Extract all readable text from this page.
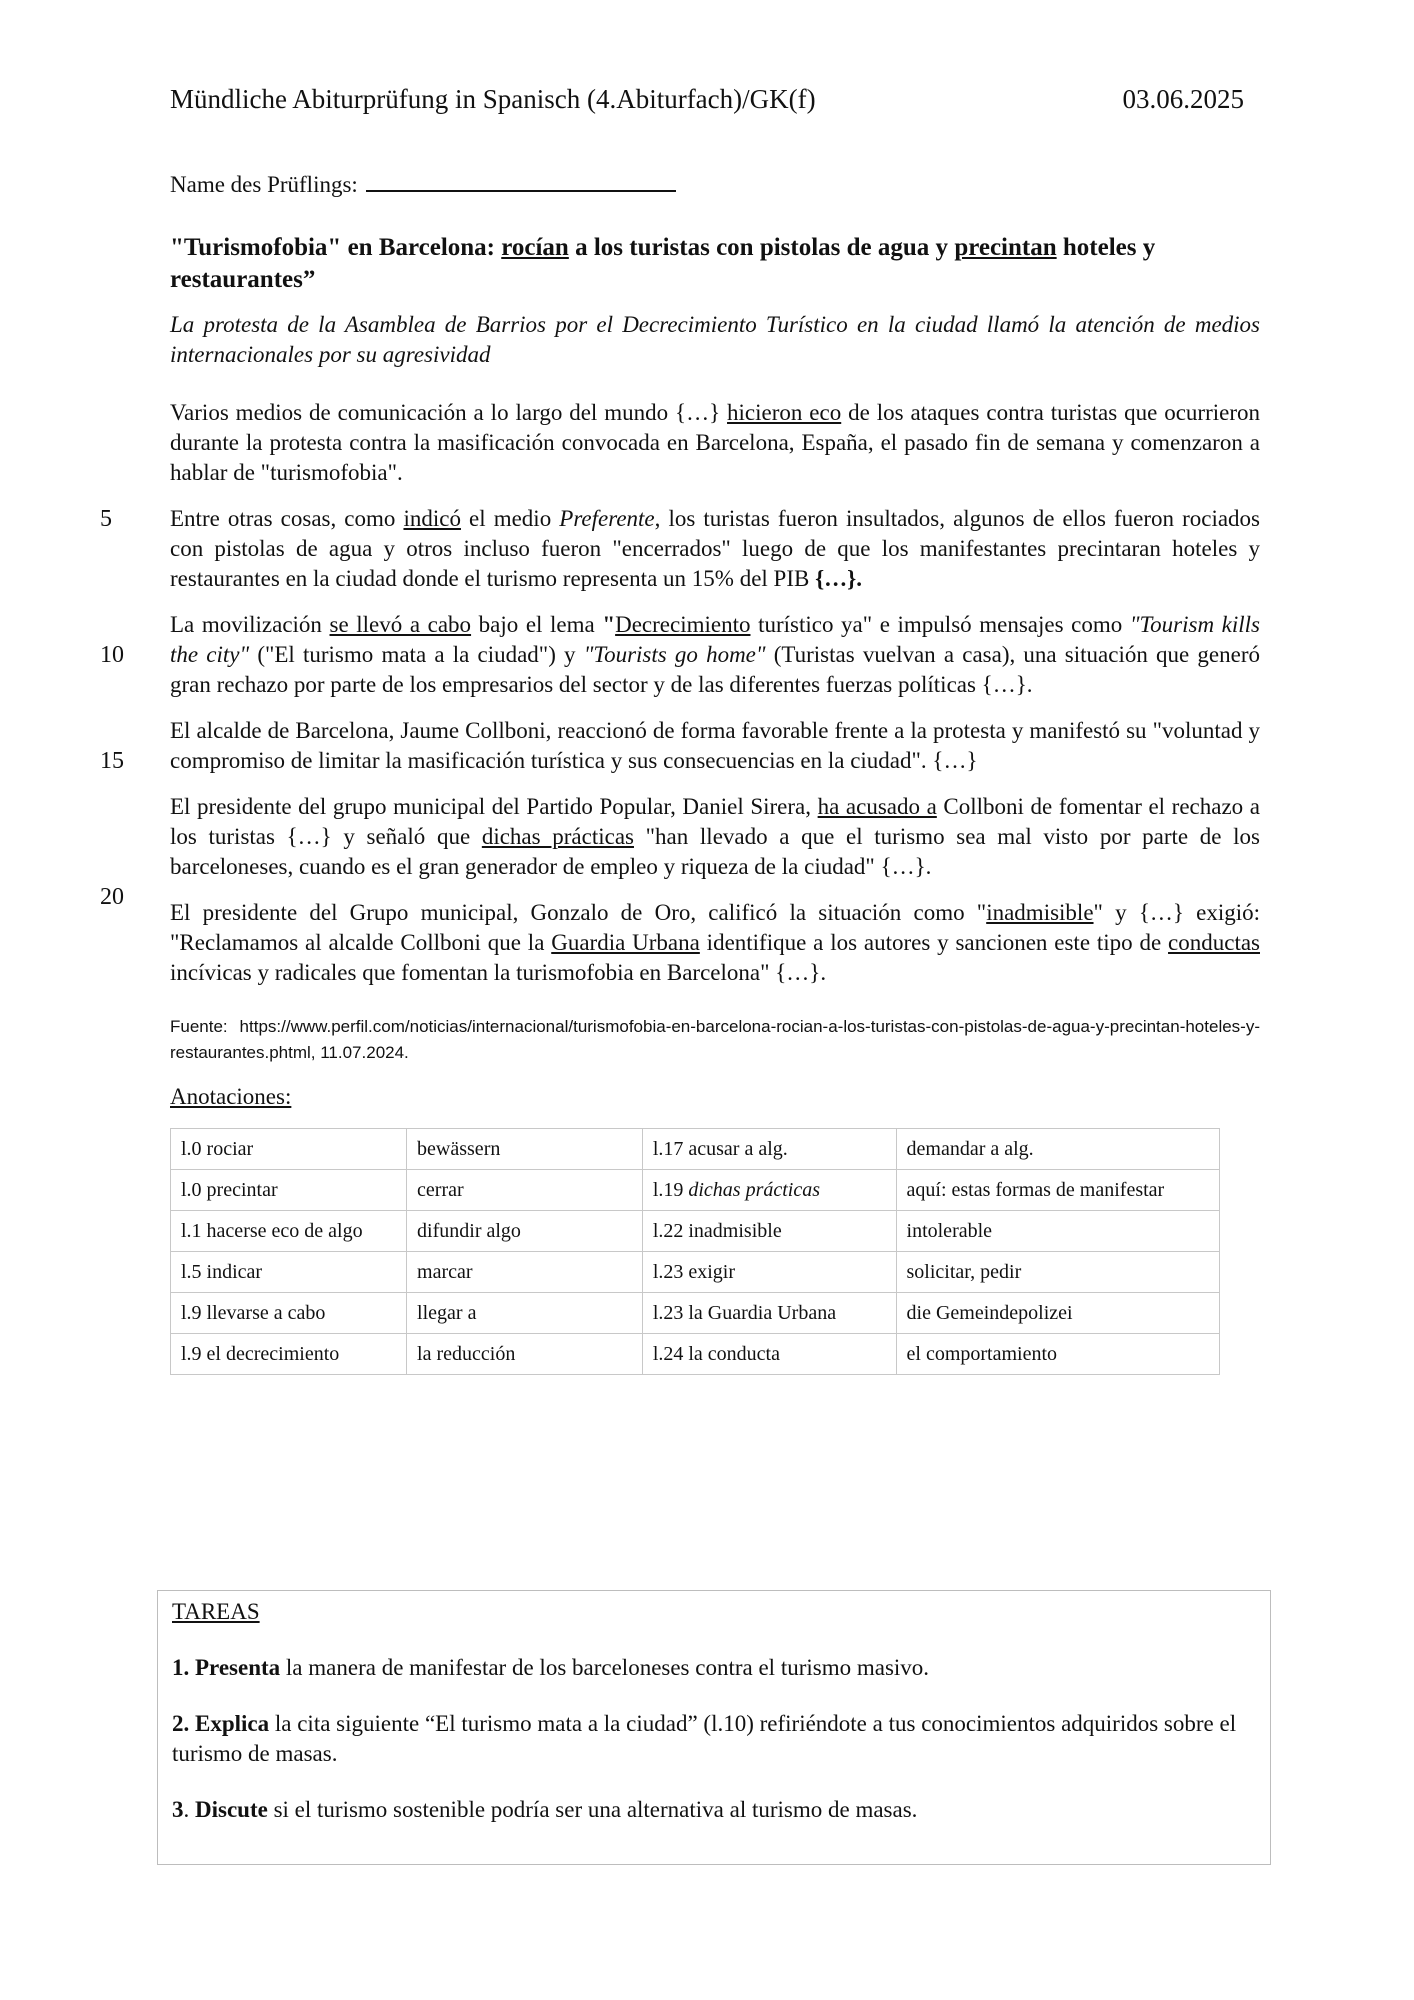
Mündliche Abiturprüfung in Spanisch (4.Abiturfach)/GK(f)	03.06.2025
Name des Prüflings:
"Turismofobia" en Barcelona: rocían a los turistas con pistolas de agua y precintan hoteles y restaurantes”

La protesta de la Asamblea de Barrios por el Decrecimiento Turístico en la ciudad llamó la atención de medios internacionales por su agresividad

Varios medios de comunicación a lo largo del mundo {…} hicieron eco de los ataques contra turistas que ocurrieron durante la protesta contra la masificación convocada en Barcelona, España, el pasado fin de semana y comenzaron a hablar de "turismofobia".

5	Entre otras cosas, como indicó el medio Preferente, los turistas fueron insultados, algunos de ellos fueron rociados con pistolas de agua y otros incluso fueron "encerrados" luego de que los manifestantes precintaran hoteles y restaurantes en la ciudad donde el turismo representa un 15% del PIB {…}.

10
La movilización se llevó a cabo bajo el lema "Decrecimiento turístico ya" e impulsó mensajes como "Tourism kills the city" ("El turismo mata a la ciudad") y "Tourists go home" (Turistas vuelvan a casa), una situación que generó gran rechazo por parte de los empresarios del sector y de las diferentes fuerzas políticas {…}.

15
El alcalde de Barcelona, Jaume Collboni, reaccionó de forma favorable frente a la protesta y manifestó su "voluntad y compromiso de limitar la masificación turística y sus consecuencias en la ciudad". {…}

20
El presidente del grupo municipal del Partido Popular, Daniel Sirera, ha acusado a Collboni de fomentar el rechazo a los turistas {…} y señaló que dichas prácticas "han llevado a que el turismo sea mal visto por parte de los barceloneses, cuando es el gran generador de empleo y riqueza de la ciudad" {…}.

El presidente del Grupo municipal, Gonzalo de Oro, calificó la situación como "inadmisible" y {…} exigió: "Reclamamos al alcalde Collboni que la Guardia Urbana identifique a los autores y sancionen este tipo de conductas incívicas y radicales que fomentan la turismofobia en Barcelona" {…}.

Fuente: https://www.perfil.com/noticias/internacional/turismofobia-en-barcelona-rocian-a-los-turistas-con-pistolas-de-agua-y-precintan-hoteles-y-restaurantes.phtml, 11.07.2024.

Anotaciones:
l.0 rociar	bewässern	l.17 acusar a alg.	demandar a alg.
l.0 precintar	cerrar	l.19 dichas prácticas	aquí: estas formas de manifestar
l.1 hacerse eco de algo	difundir algo	l.22 inadmisible	intolerable
l.5 indicar	marcar	l.23 exigir	solicitar, pedir
l.9 llevarse a cabo	llegar a	l.23 la Guardia Urbana	die Gemeindepolizei
l.9 el decrecimiento	la reducción	l.24 la conducta	el comportamiento
TAREAS

1. Presenta la manera de manifestar de los barceloneses contra el turismo masivo.

2. Explica la cita siguiente “El turismo mata a la ciudad” (l.10) refiriéndote a tus conocimientos adquiridos sobre el turismo de masas.

3. Discute si el turismo sostenible podría ser una alternativa al turismo de masas.
